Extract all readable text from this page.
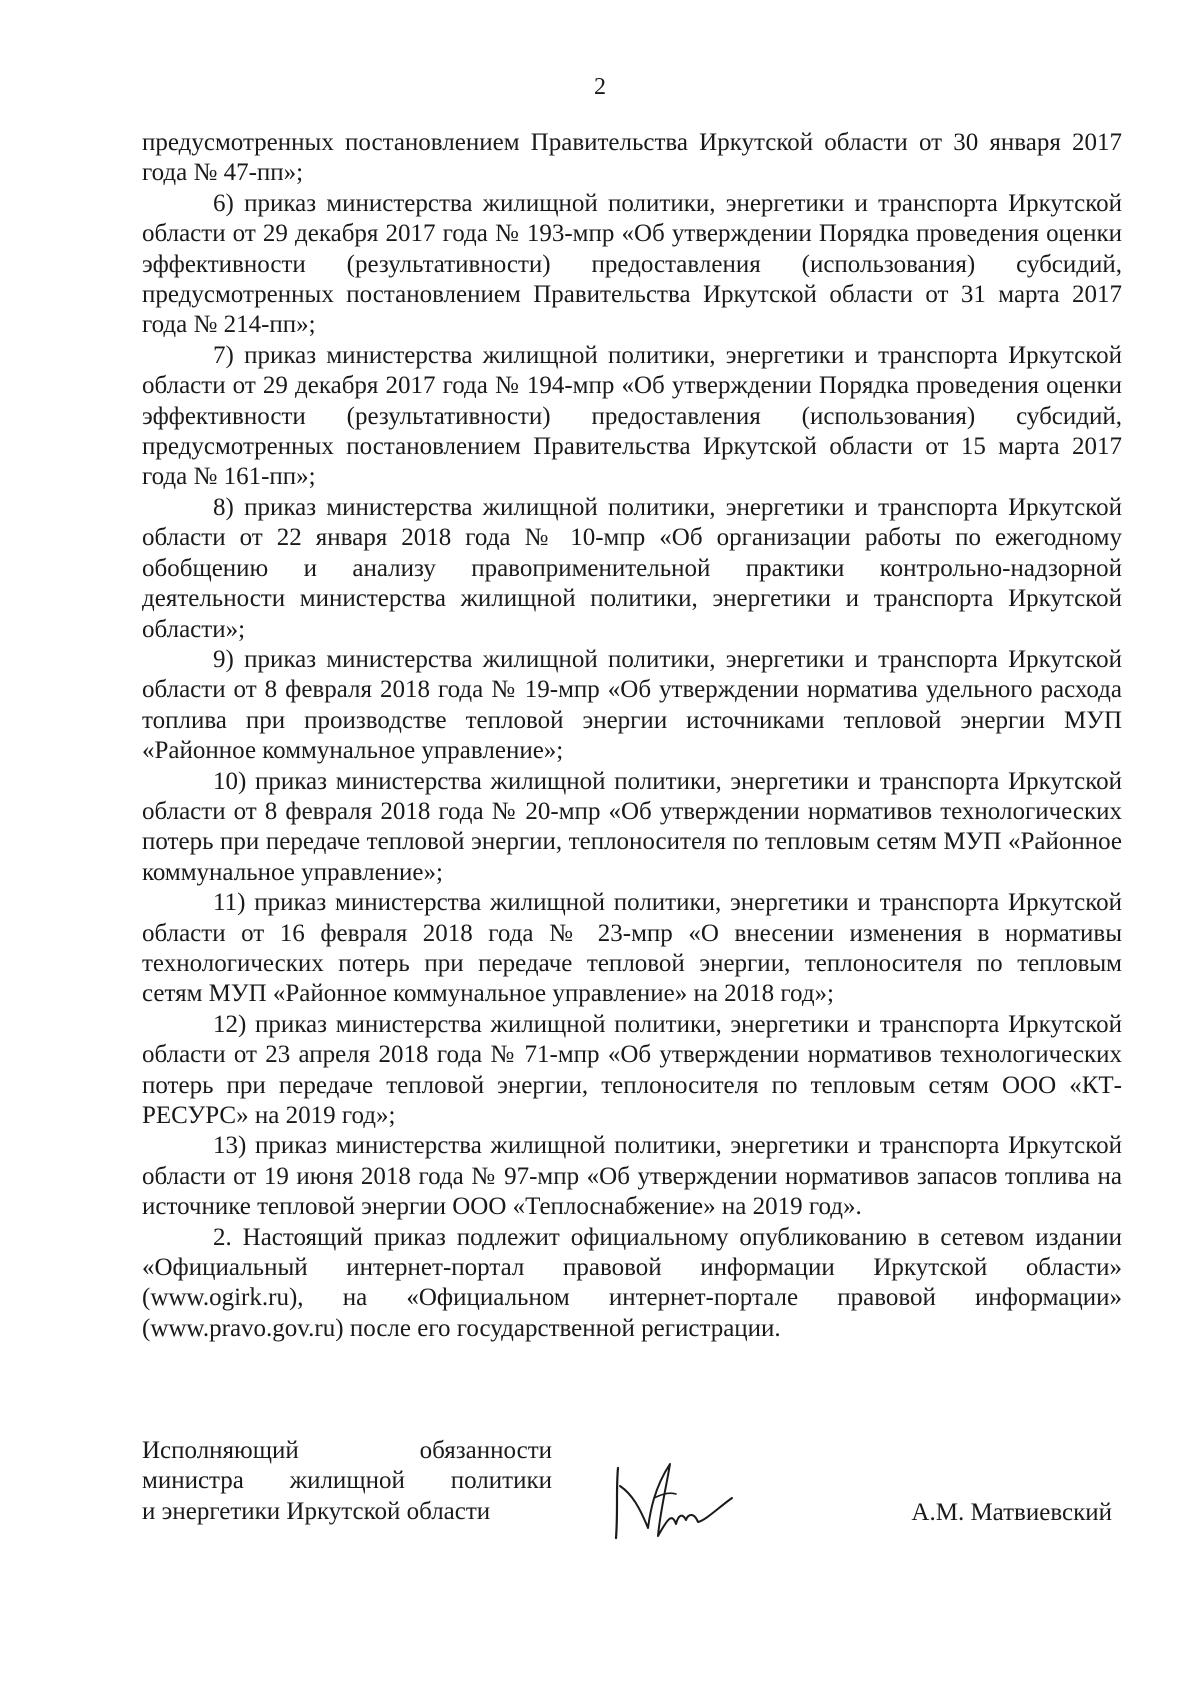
2

предусмотренных постановлением Правительства Иркутской области от 30 января 2017 года № 47-пп»;

6) приказ министерства жилищной политики, энергетики и транспорта Иркутской области от 29 декабря 2017 года № 193-мпр «Об утверждении Порядка проведения оценки эффективности (результативности) предоставления (использования) субсидий, предусмотренных постановлением Правительства Иркутской области от 31 марта 2017 года № 214-пп»;

7) приказ министерства жилищной политики, энергетики и транспорта Иркутской области от 29 декабря 2017 года № 194-мпр «Об утверждении Порядка проведения оценки эффективности (результативности) предоставления (использования) субсидий, предусмотренных постановлением Правительства Иркутской области от 15 марта 2017 года № 161-пп»;

8) приказ министерства жилищной политики, энергетики и транспорта Иркутской области от 22 января 2018 года № 10-мпр «Об организации работы по ежегодному обобщению и анализу правоприменительной практики контрольно-надзорной деятельности министерства жилищной политики, энергетики и транспорта Иркутской области»;

9) приказ министерства жилищной политики, энергетики и транспорта Иркутской области от 8 февраля 2018 года № 19-мпр «Об утверждении норматива удельного расхода топлива при производстве тепловой энергии источниками тепловой энергии МУП «Районное коммунальное управление»;

10) приказ министерства жилищной политики, энергетики и транспорта Иркутской области от 8 февраля 2018 года № 20-мпр «Об утверждении нормативов технологических потерь при передаче тепловой энергии, теплоносителя по тепловым сетям МУП «Районное коммунальное управление»;

11) приказ министерства жилищной политики, энергетики и транспорта Иркутской области от 16 февраля 2018 года № 23-мпр «О внесении изменения в нормативы технологических потерь при передаче тепловой энергии, теплоносителя по тепловым сетям МУП «Районное коммунальное управление» на 2018 год»;

12) приказ министерства жилищной политики, энергетики и транспорта Иркутской области от 23 апреля 2018 года № 71-мпр «Об утверждении нормативов технологических потерь при передаче тепловой энергии, теплоносителя по тепловым сетям ООО «КТ-РЕСУРС» на 2019 год»;

13) приказ министерства жилищной политики, энергетики и транспорта Иркутской области от 19 июня 2018 года № 97-мпр «Об утверждении нормативов запасов топлива на источнике тепловой энергии ООО «Теплоснабжение» на 2019 год».

2. Настоящий приказ подлежит официальному опубликованию в сетевом издании «Официальный интернет-портал правовой информации Иркутской области» (www.ogirk.ru), на «Официальном интернет-портале правовой информации» (www.pravo.gov.ru) после его государственной регистрации.

Исполняющий обязанности
министра жилищной политики
и энергетики Иркутской области	А.М. Матвиевский
